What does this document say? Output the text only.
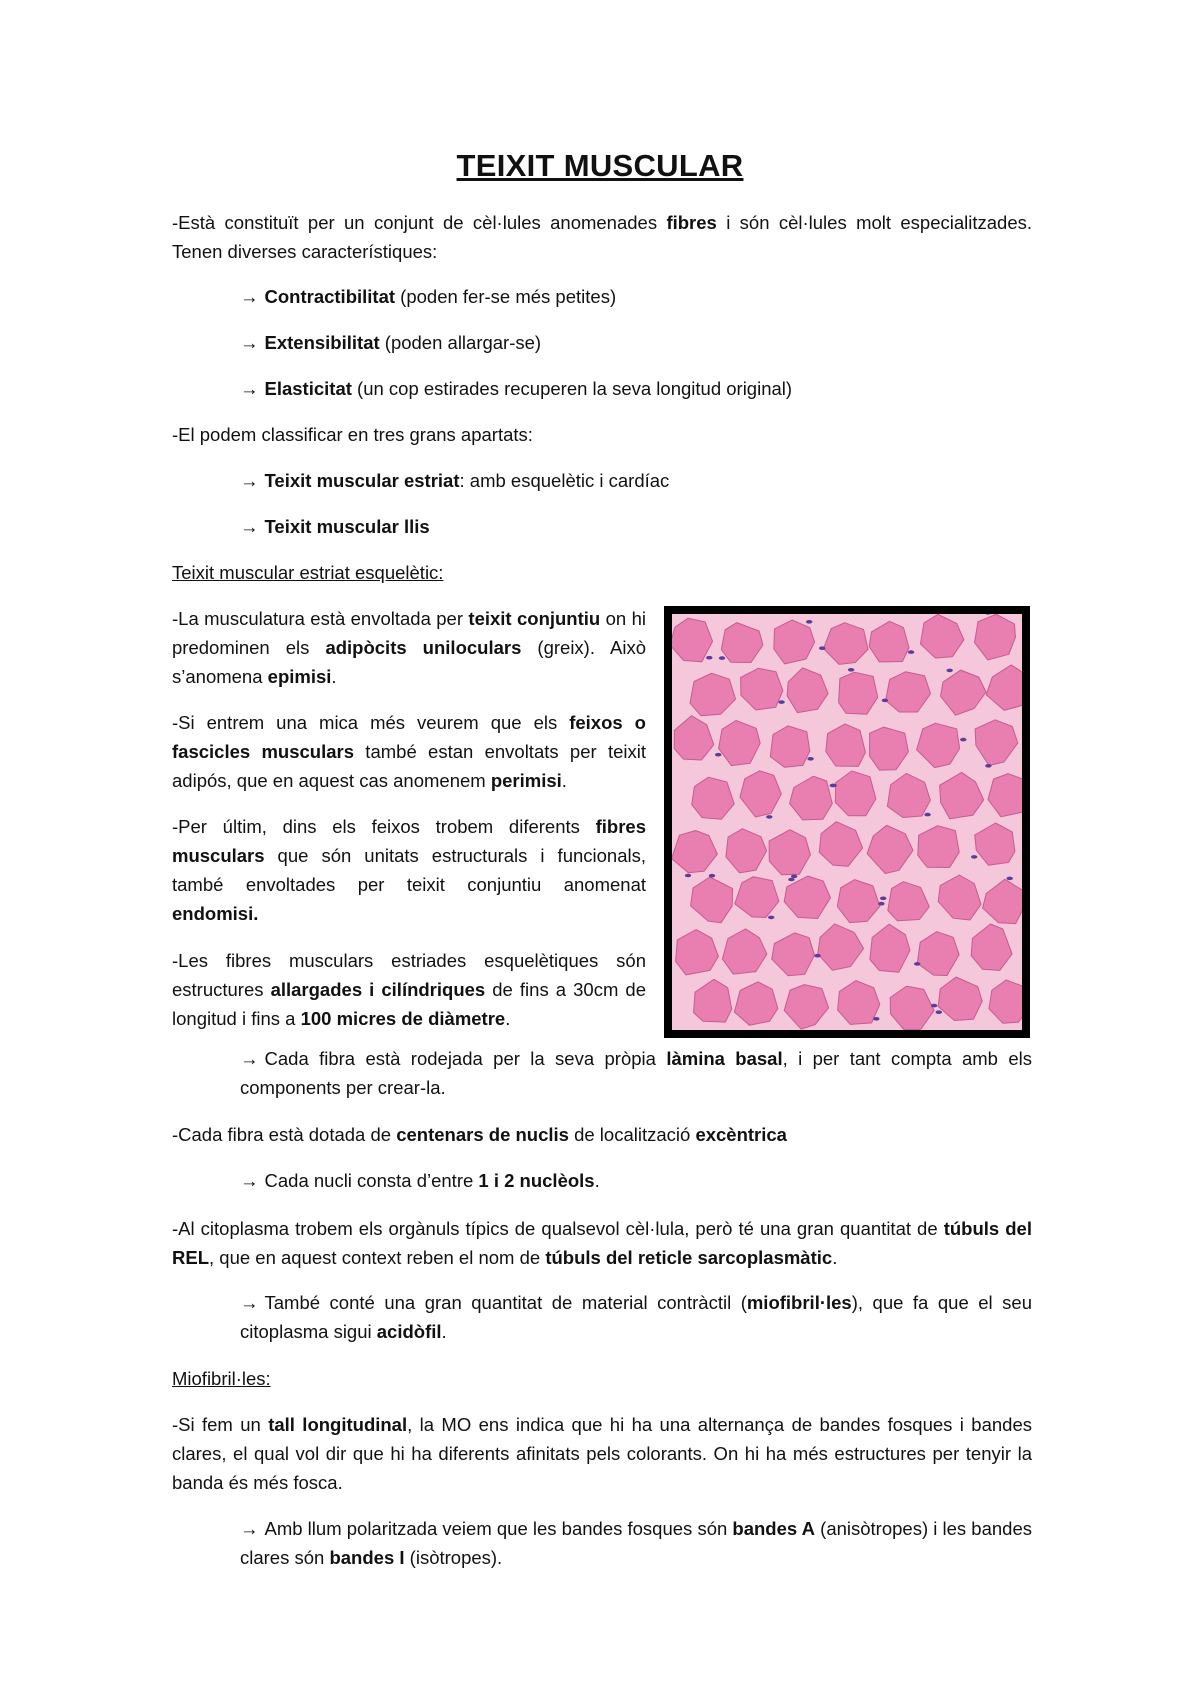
TEIXIT MUSCULAR
-Està constituït per un conjunt de cèl·lules anomenades fibres i són cèl·lules molt especialitzades. Tenen diverses característiques:
→ Contractibilitat (poden fer-se més petites)
→ Extensibilitat (poden allargar-se)
→ Elasticitat (un cop estirades recuperen la seva longitud original)
-El podem classificar en tres grans apartats:
→ Teixit muscular estriat: amb esquelètic i cardíac
→ Teixit muscular llis
Teixit muscular estriat esquelètic:
-La musculatura està envoltada per teixit conjuntiu on hi predominen els adipòcits uniloculars (greix). Això s’anomena epimisi.
-Si entrem una mica més veurem que els feixos o fascicles musculars també estan envoltats per teixit adipós, que en aquest cas anomenem perimisi.
-Per últim, dins els feixos trobem diferents fibres musculars que són unitats estructurals i funcionals, també envoltades per teixit conjuntiu anomenat endomisi.
-Les fibres musculars estriades esquelètiques són estructures allargades i cilíndriques de fins a 30cm de longitud i fins a 100 micres de diàmetre.
→ Cada fibra està rodejada per la seva pròpia làmina basal, i per tant compta amb els components per crear-la.
-Cada fibra està dotada de centenars de nuclis de localització excèntrica
→ Cada nucli consta d’entre 1 i 2 nuclèols.
-Al citoplasma trobem els orgànuls típics de qualsevol cèl·lula, però té una gran quantitat de túbuls del REL, que en aquest context reben el nom de túbuls del reticle sarcoplasmàtic.
→ També conté una gran quantitat de material contràctil (miofibril·les), que fa que el seu citoplasma sigui acidòfil.
Miofibril·les:
-Si fem un tall longitudinal, la MO ens indica que hi ha una alternança de bandes fosques i bandes clares, el qual vol dir que hi ha diferents afinitats pels colorants. On hi ha més estructures per tenyir la banda és més fosca.
→ Amb llum polaritzada veiem que les bandes fosques són bandes A (anisòtropes) i les bandes clares són bandes I (isòtropes).
